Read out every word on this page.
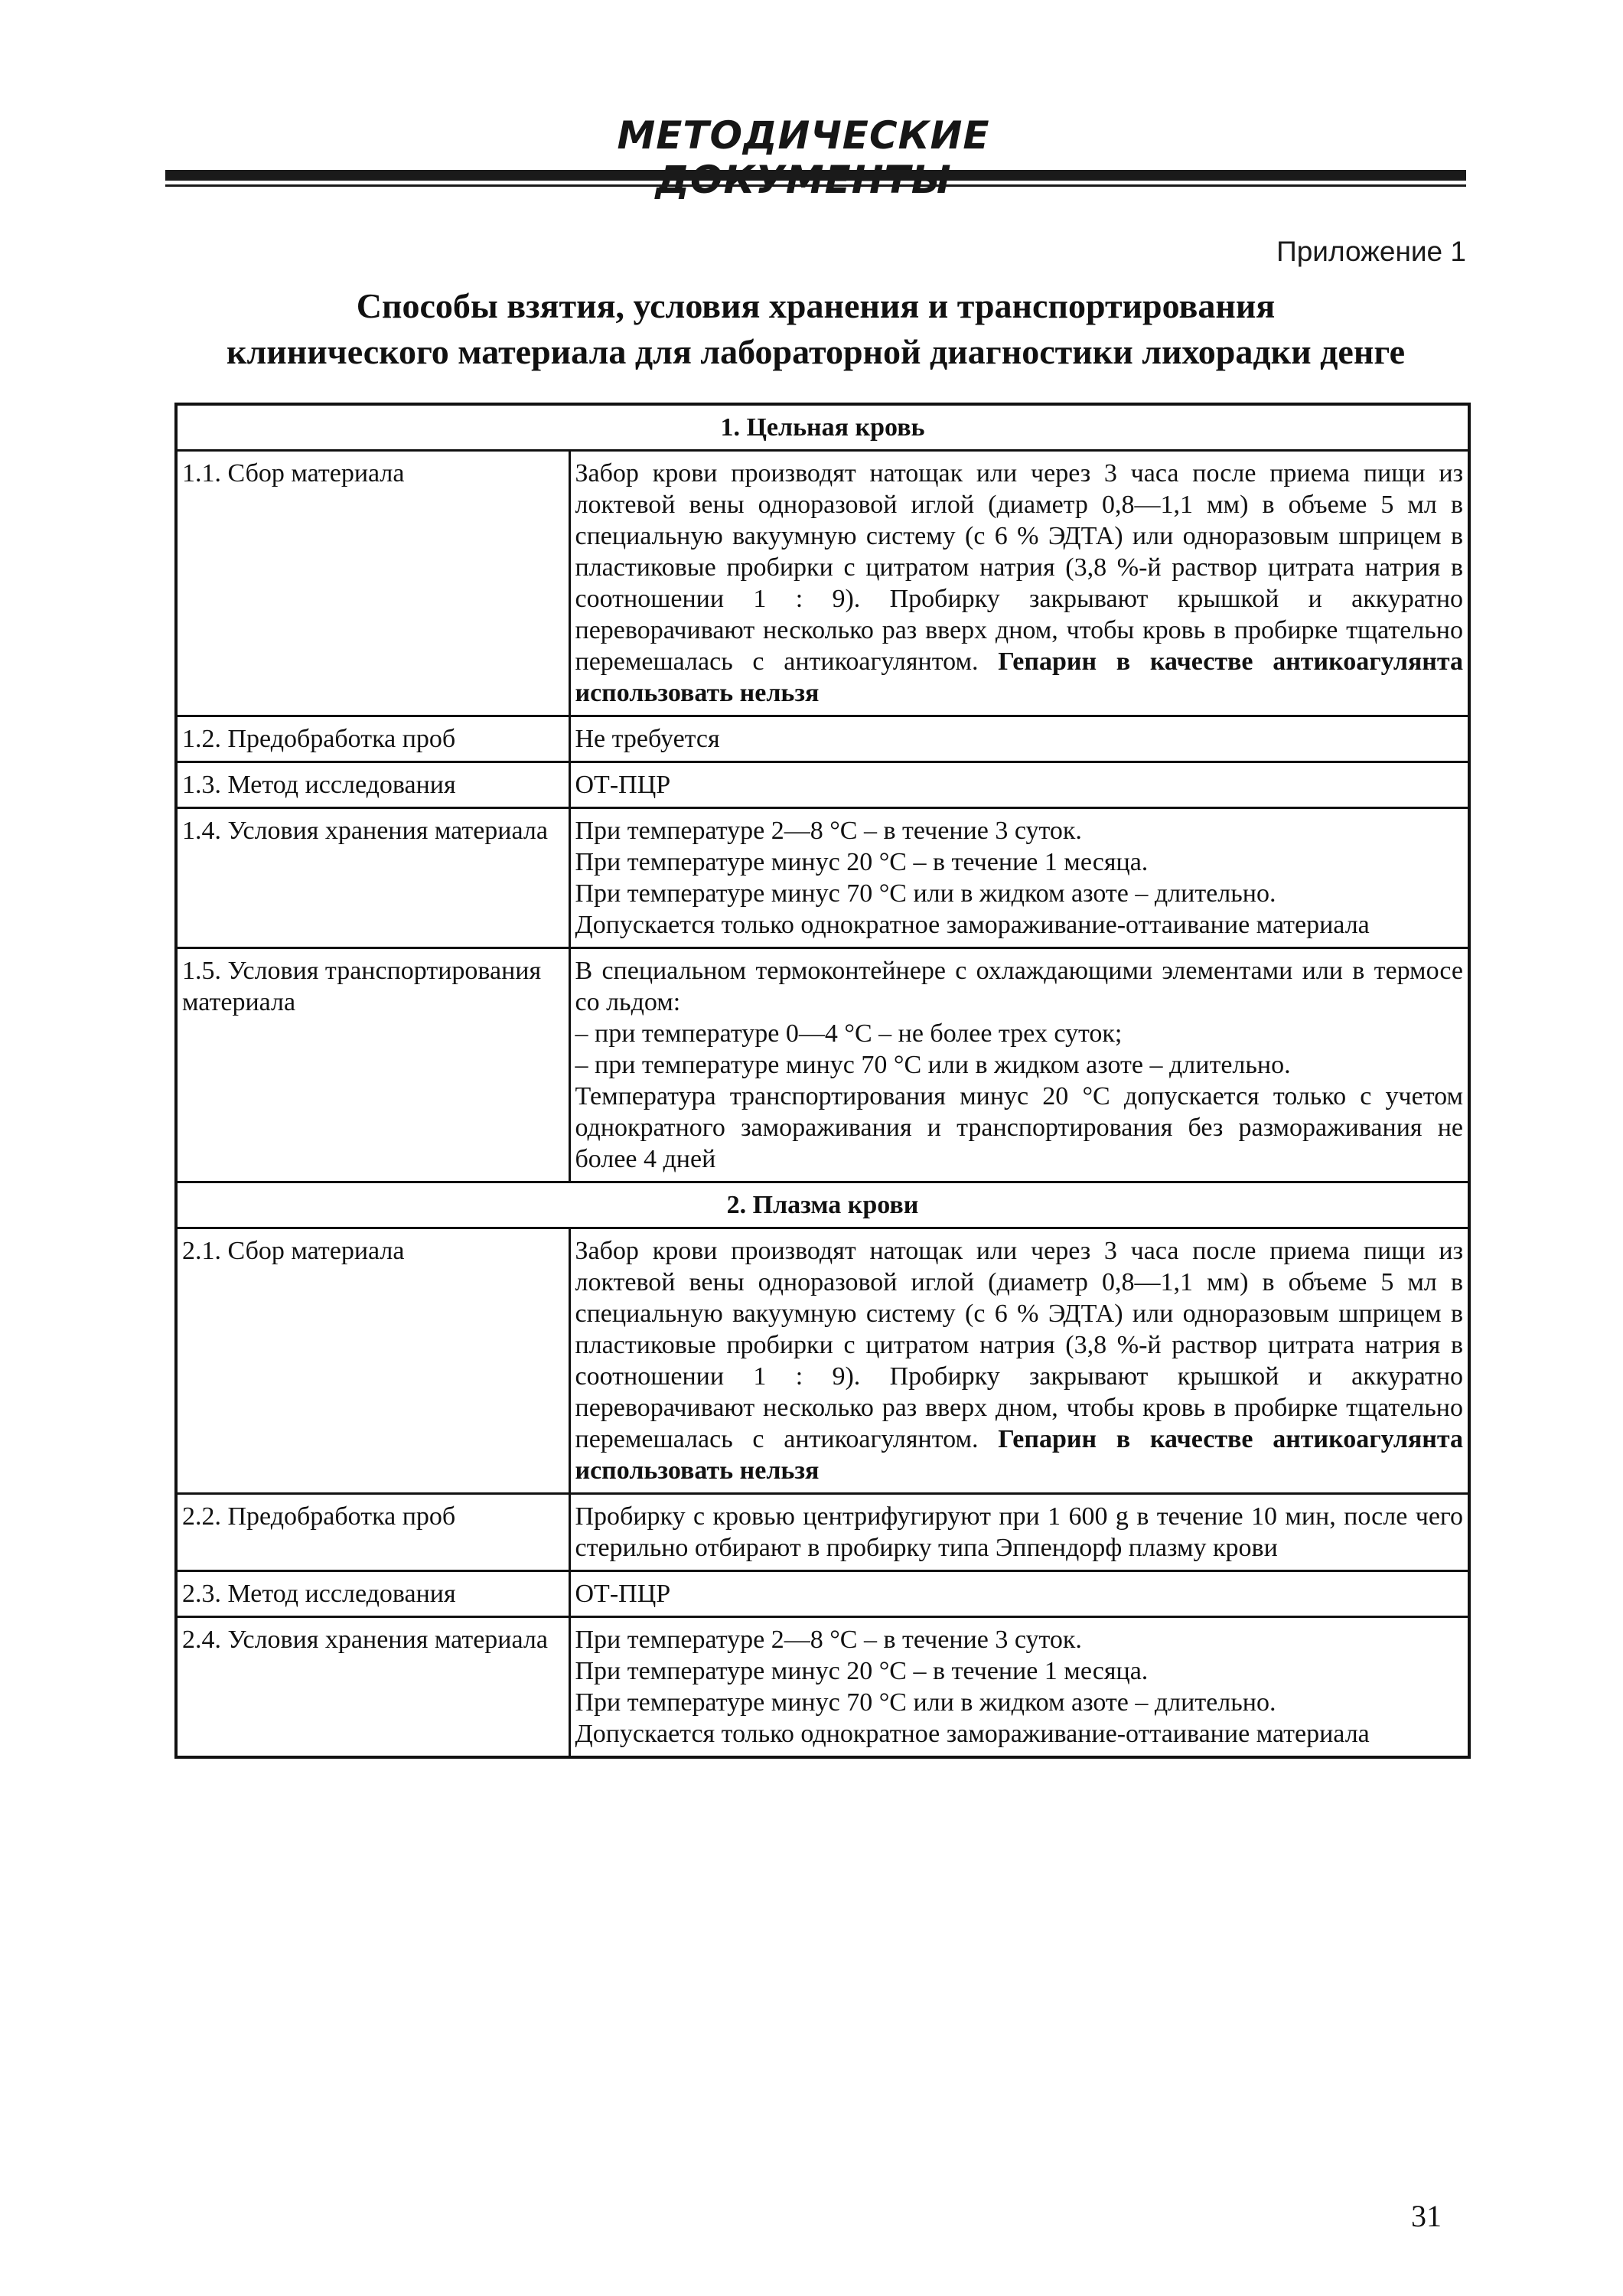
МЕТОДИЧЕСКИЕ
Приложение 1
Способы взятия, условия хранения и транспортирования
клинического материала для лабораторной диагностики лихорадки денге
1. Цельная кровь	
1.1. Сбор материала	Забор крови производят натощак или через 3 часа после приема пищи из локтевой вены одноразовой иглой (диаметр 0,8—1,1 мм) в объеме 5 мл в специальную вакуумную систему (с 6 % ЭДТА) или одноразовым шприцем в пластиковые пробирки с цитратом натрия (3,8 %-й раствор цитрата натрия в соотношении 1 : 9). Пробирку закрывают крышкой и аккуратно переворачивают несколько раз вверх дном, чтобы кровь в пробирке тщательно перемешалась с антикоагулянтом. Гепарин в качестве антикоагулянта использовать нельзя
1.2. Предобработка проб	Не требуется
1.3. Метод исследования	ОТ-ПЦР
1.4. Условия хранения материала	При температуре 2—8 °С – в течение 3 суток.
При температуре минус 20 °С – в течение 1 месяца.
При температуре минус 70 °С или в жидком азоте – длительно.
Допускается только однократное замораживание-оттаивание материала

1.5. Условия транспортирования материала	В специальном термоконтейнере с охлаждающими элементами или в термосе со льдом:
– при температуре 0—4 °С – не более трех суток;
– при температуре минус 70 °С или в жидком азоте – длительно.
Температура транспортирования минус 20 °С допускается только с учетом однократного замораживания и транспортирования без размораживания не более 4 дней

2. Плазма крови	
2.1. Сбор материала	Забор крови производят натощак или через 3 часа после приема пищи из локтевой вены одноразовой иглой (диаметр 0,8—1,1 мм) в объеме 5 мл в специальную вакуумную систему (с 6 % ЭДТА) или одноразовым шприцем в пластиковые пробирки с цитратом натрия (3,8 %-й раствор цитрата натрия в соотношении 1 : 9). Пробирку закрывают крышкой и аккуратно переворачивают несколько раз вверх дном, чтобы кровь в пробирке тщательно перемешалась с антикоагулянтом. Гепарин в качестве антикоагулянта использовать нельзя
2.2. Предобработка проб	Пробирку с кровью центрифугируют при 1 600 g в течение 10 мин, после чего стерильно отбирают в пробирку типа Эппендорф плазму крови
2.3. Метод исследования	ОТ-ПЦР
2.4. Условия хранения материала	При температуре 2—8 °С – в течение 3 суток.
При температуре минус 20 °С – в течение 1 месяца.
При температуре минус 70 °С или в жидком азоте – длительно.
Допускается только однократное замораживание-оттаивание материала
31
